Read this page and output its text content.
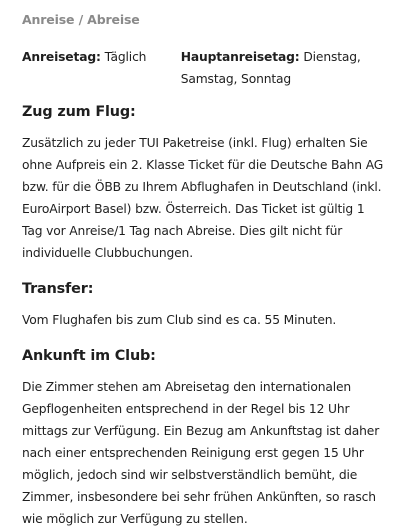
Anreise / Abreise
Anreisetag: Täglich	Hauptanreisetag: Dienstag, Samstag, Sonntag
Zug zum Flug:

Zusätzlich zu jeder TUI Paketreise (inkl. Flug) erhalten Sie ohne Aufpreis ein 2. Klasse Ticket für die Deutsche Bahn AG bzw. für die ÖBB zu Ihrem Abflughafen in Deutschland (inkl. EuroAirport Basel) bzw. Österreich. Das Ticket ist gültig 1 Tag vor Anreise/1 Tag nach Abreise. Dies gilt nicht für individuelle Clubbuchungen.

Transfer:

Vom Flughafen bis zum Club sind es ca. 55 Minuten.

Ankunft im Club:

Die Zimmer stehen am Abreisetag den internationalen Gepflogenheiten entsprechend in der Regel bis 12 Uhr mittags zur Verfügung. Ein Bezug am Ankunftstag ist daher nach einer entsprechenden Reinigung erst gegen 15 Uhr möglich, jedoch sind wir selbstverständlich bemüht, die Zimmer, insbesondere bei sehr frühen Ankünften, so rasch wie möglich zur Verfügung zu stellen.
